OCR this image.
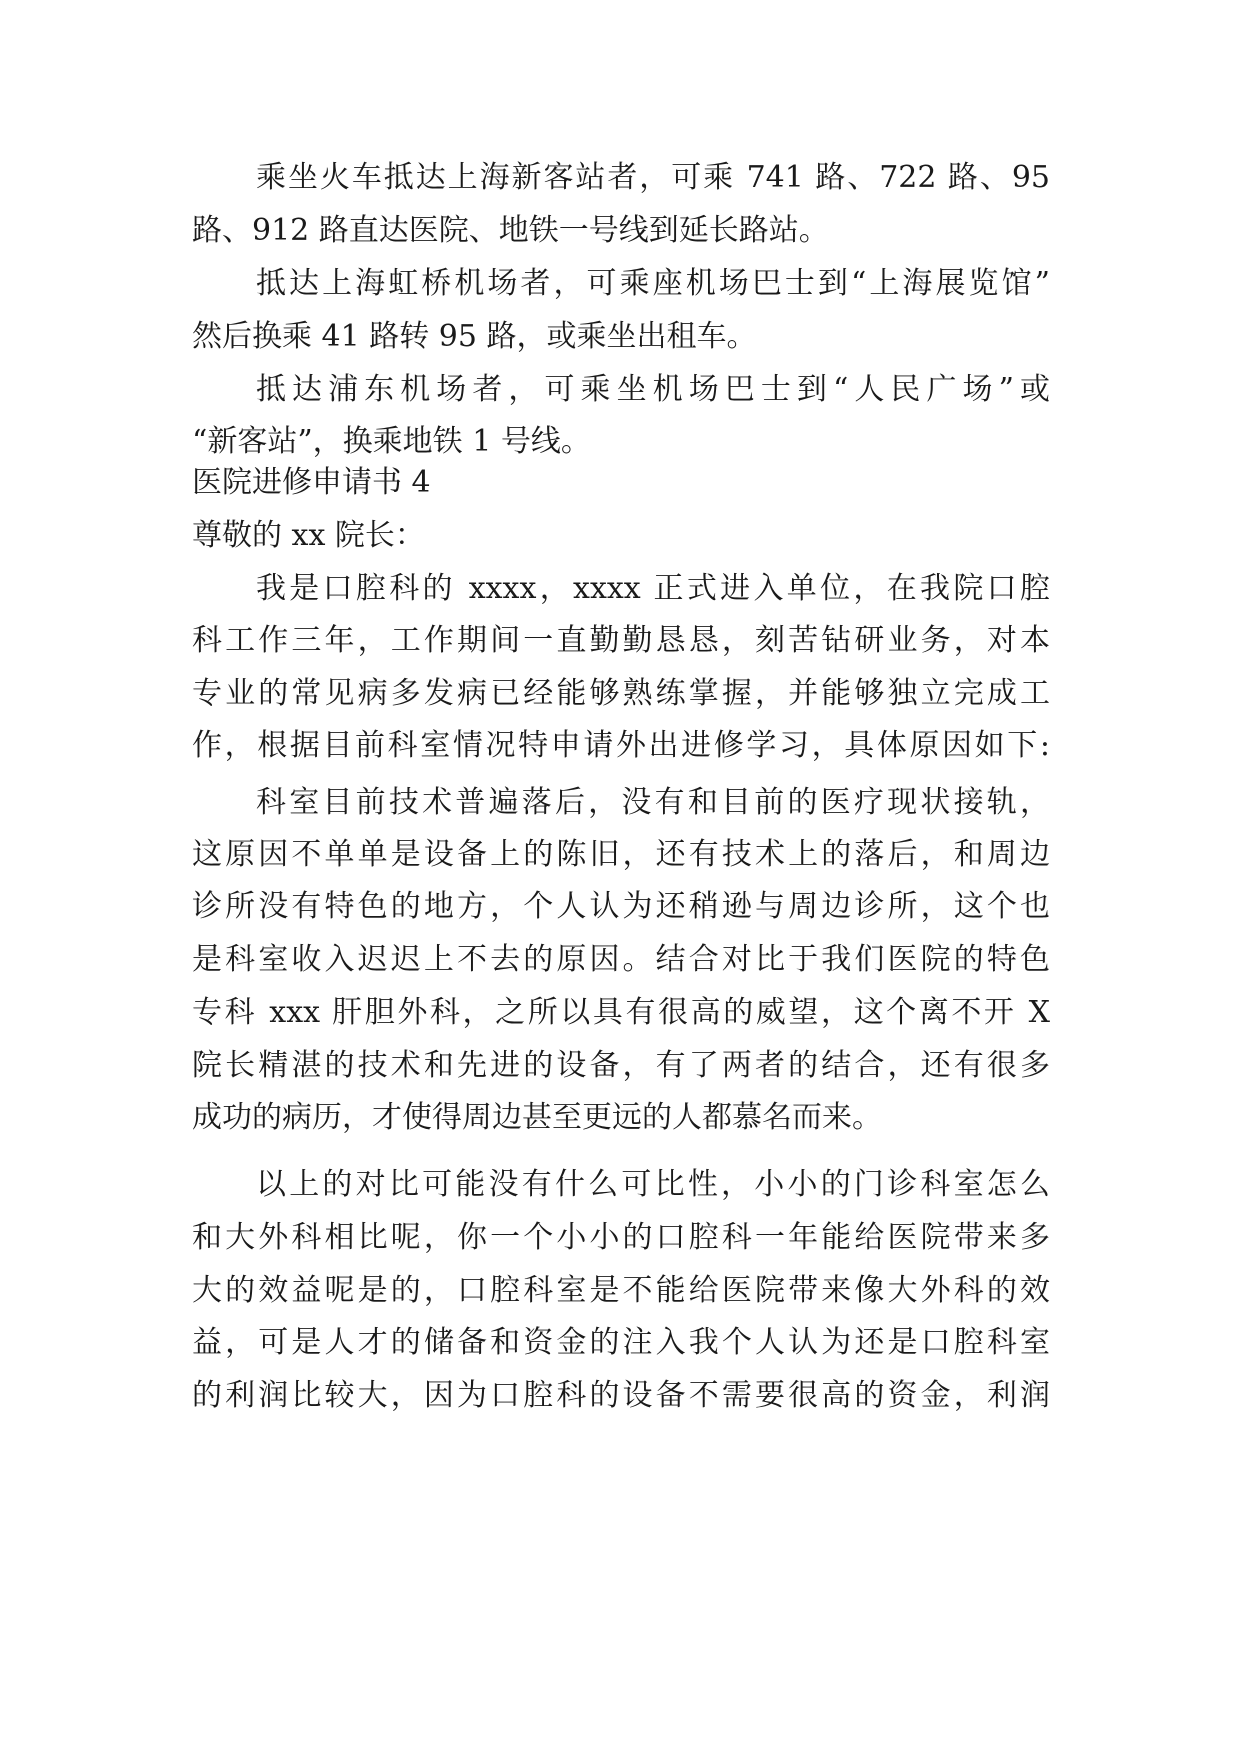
乘坐火车抵达上海新客站者，可乘 741 路、722 路、95
路、912 路直达医院、地铁一号线到延长路站。
抵达上海虹桥机场者，可乘座机场巴士到“上海展览馆”
然后换乘 41 路转 95 路，或乘坐出租车。
抵达浦东机场者，可乘坐机场巴士到“人民广场”或
“新客站”，换乘地铁 1 号线。
医院进修申请书 4
尊敬的 xx 院长：
我是口腔科的 xxxx，xxxx 正式进入单位，在我院口腔
科工作三年，工作期间一直勤勤恳恳，刻苦钻研业务，对本
专业的常见病多发病已经能够熟练掌握，并能够独立完成工
作，根据目前科室情况特申请外出进修学习，具体原因如下:
科室目前技术普遍落后，没有和目前的医疗现状接轨，
这原因不单单是设备上的陈旧，还有技术上的落后，和周边
诊所没有特色的地方，个人认为还稍逊与周边诊所，这个也
是科室收入迟迟上不去的原因。结合对比于我们医院的特色
专科 xxx 肝胆外科，之所以具有很高的威望，这个离不开 X
院长精湛的技术和先进的设备，有了两者的结合，还有很多
成功的病历，才使得周边甚至更远的人都慕名而来。
以上的对比可能没有什么可比性，小小的门诊科室怎么
和大外科相比呢，你一个小小的口腔科一年能给医院带来多
大的效益呢是的，口腔科室是不能给医院带来像大外科的效
益，可是人才的储备和资金的注入我个人认为还是口腔科室
的利润比较大，因为口腔科的设备不需要很高的资金，利润
